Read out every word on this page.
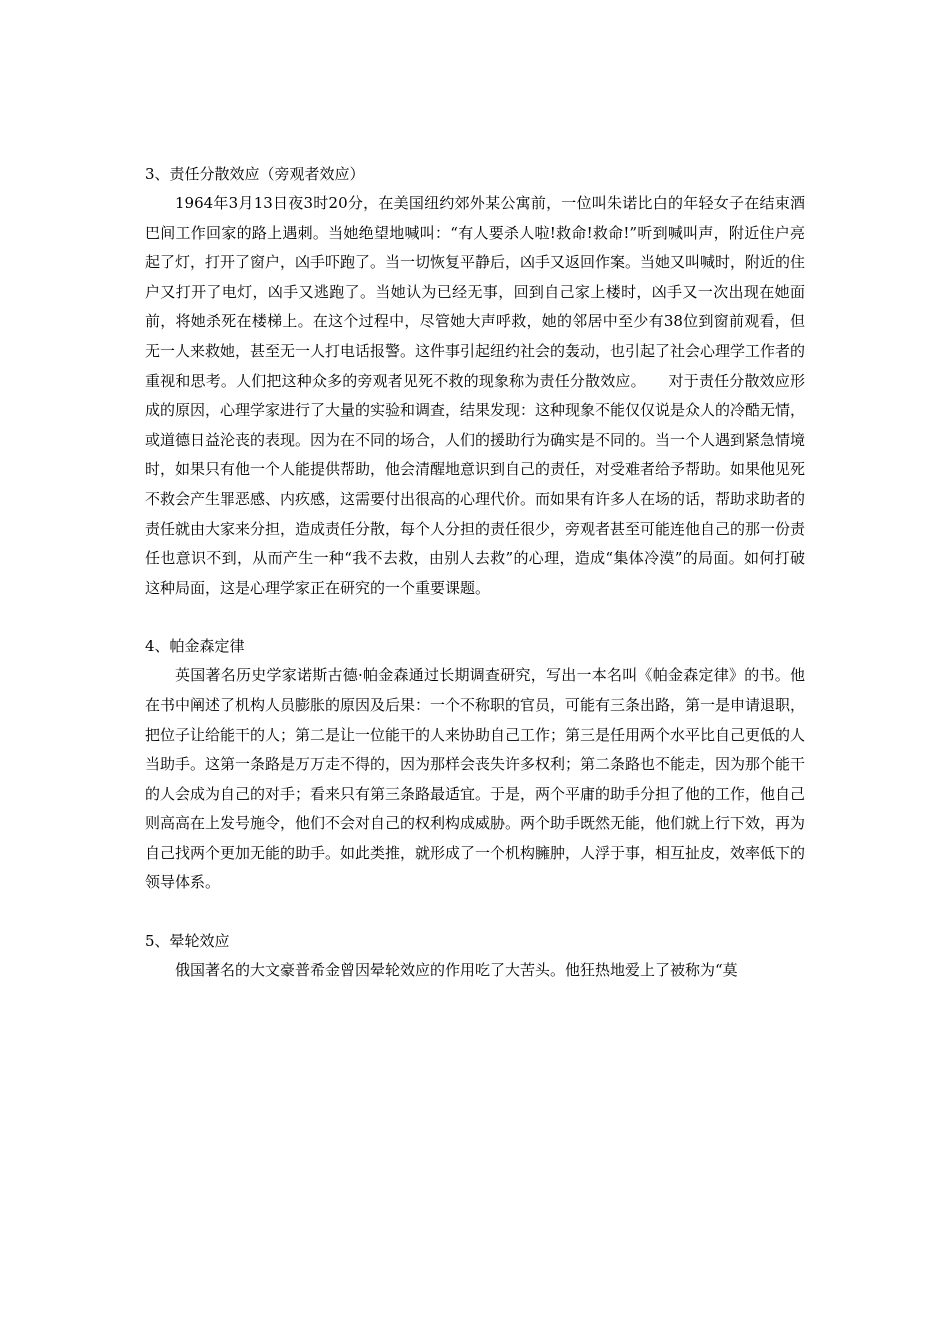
3、责任分散效应（旁观者效应）

1964年3月13日夜3时20分，在美国纽约郊外某公寓前，一位叫朱诺比白的年轻女子在结束酒巴间工作回家的路上遇刺。当她绝望地喊叫：“有人要杀人啦!救命!救命!”听到喊叫声，附近住户亮起了灯，打开了窗户，凶手吓跑了。当一切恢复平静后，凶手又返回作案。当她又叫喊时，附近的住户又打开了电灯，凶手又逃跑了。当她认为已经无事，回到自己家上楼时，凶手又一次出现在她面前，将她杀死在楼梯上。在这个过程中，尽管她大声呼救，她的邻居中至少有38位到窗前观看，但无一人来救她，甚至无一人打电话报警。这件事引起纽约社会的轰动，也引起了社会心理学工作者的重视和思考。人们把这种众多的旁观者见死不救的现象称为责任分散效应。　　对于责任分散效应形成的原因，心理学家进行了大量的实验和调查，结果发现：这种现象不能仅仅说是众人的冷酷无情，或道德日益沦丧的表现。因为在不同的场合，人们的援助行为确实是不同的。当一个人遇到紧急情境时，如果只有他一个人能提供帮助，他会清醒地意识到自己的责任，对受难者给予帮助。如果他见死不救会产生罪恶感、内疚感，这需要付出很高的心理代价。而如果有许多人在场的话，帮助求助者的责任就由大家来分担，造成责任分散，每个人分担的责任很少，旁观者甚至可能连他自己的那一份责任也意识不到，从而产生一种“我不去救，由别人去救”的心理，造成“集体冷漠”的局面。如何打破这种局面，这是心理学家正在研究的一个重要课题。

4、帕金森定律

英国著名历史学家诺斯古德·帕金森通过长期调查研究，写出一本名叫《帕金森定律》的书。他在书中阐述了机构人员膨胀的原因及后果：一个不称职的官员，可能有三条出路，第一是申请退职，把位子让给能干的人；第二是让一位能干的人来协助自己工作；第三是任用两个水平比自己更低的人当助手。这第一条路是万万走不得的，因为那样会丧失许多权利；第二条路也不能走，因为那个能干的人会成为自己的对手；看来只有第三条路最适宜。于是，两个平庸的助手分担了他的工作，他自己则高高在上发号施令，他们不会对自己的权利构成威胁。两个助手既然无能，他们就上行下效，再为自己找两个更加无能的助手。如此类推，就形成了一个机构臃肿，人浮于事，相互扯皮，效率低下的领导体系。

5、晕轮效应

俄国著名的大文豪普希金曾因晕轮效应的作用吃了大苦头。他狂热地爱上了被称为“莫
